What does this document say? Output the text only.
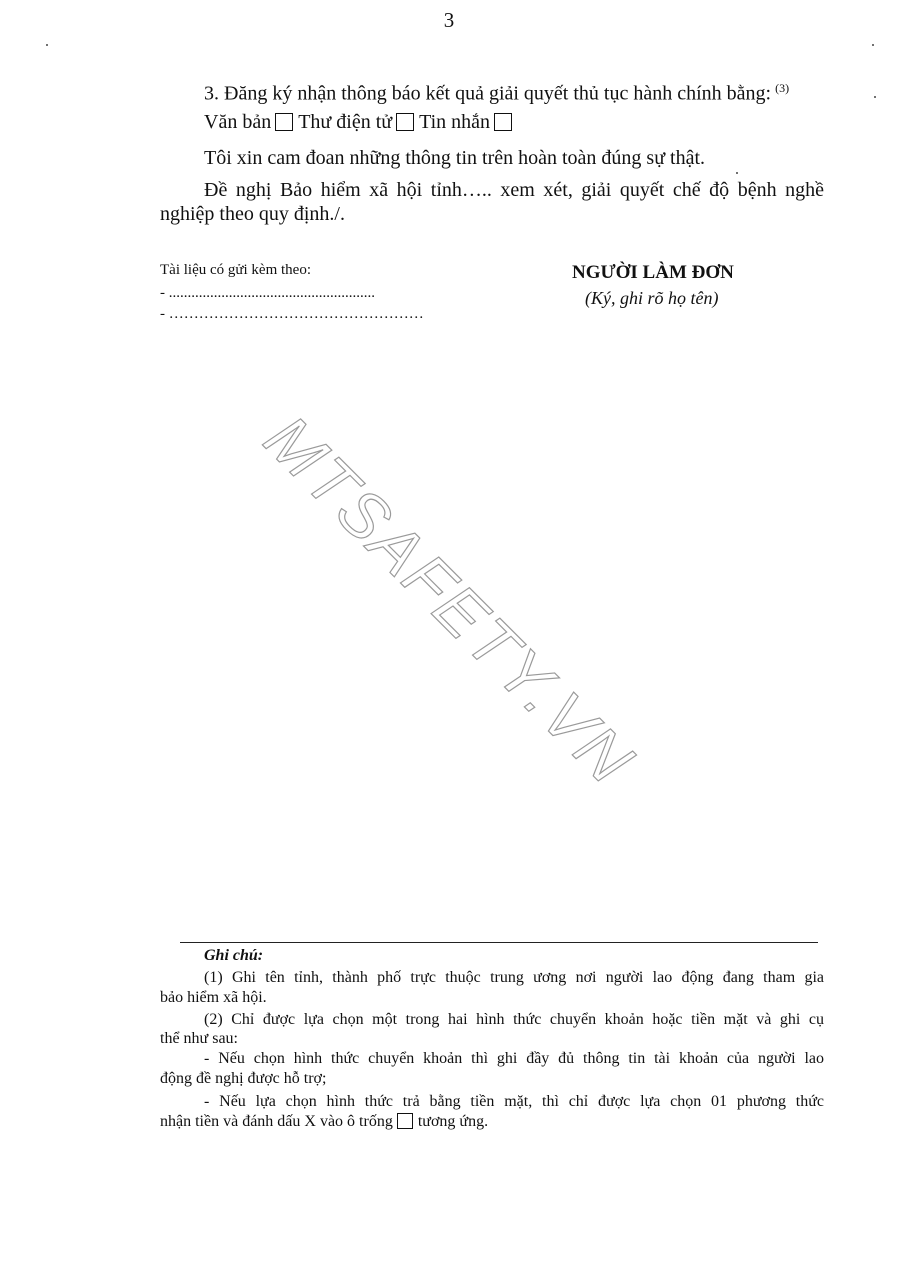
3
3. Đăng ký nhận thông báo kết quả giải quyết thủ tục hành chính bằng: $^{(3)}$
Văn bản Thư điện tử Tin nhắn
Tôi xin cam đoan những thông tin trên hoàn toàn đúng sự thật.
Đề nghị Bảo hiểm xã hội tỉnh….. xem xét, giải quyết chế độ bệnh nghề
nghiệp theo quy định./.
Tài liệu có gửi kèm theo:
- .......................................................
- ……………………………………………
NGƯỜI LÀM ĐƠN
(Ký, ghi rõ họ tên)
MTSAFETY.VN
Ghi chú:
(1) Ghi tên tỉnh, thành phố trực thuộc trung ương nơi người lao động đang tham gia
bảo hiểm xã hội.
(2) Chỉ được lựa chọn một trong hai hình thức chuyển khoản hoặc tiền mặt và ghi cụ
thể như sau:
- Nếu chọn hình thức chuyển khoản thì ghi đầy đủ thông tin tài khoản của người lao
động đề nghị được hỗ trợ;
- Nếu lựa chọn hình thức trả bằng tiền mặt, thì chỉ được lựa chọn 01 phương thức
nhận tiền và đánh dấu X vào ô trống tương ứng.
